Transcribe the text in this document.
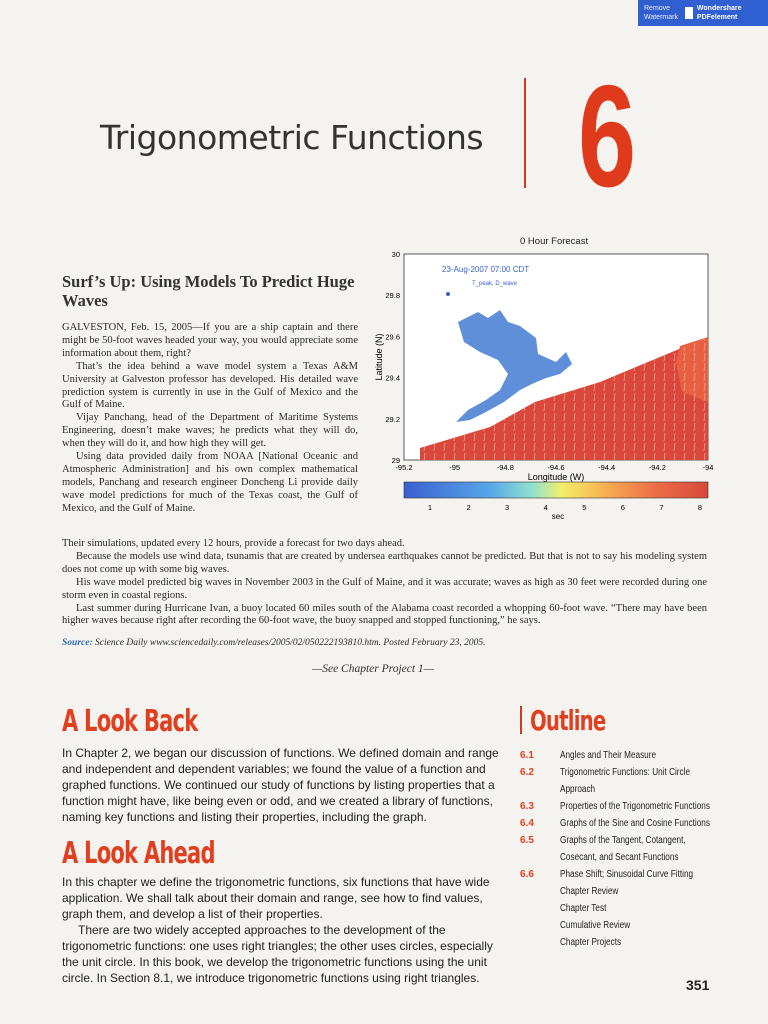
Remove Watermark
Wondershare PDFelement
Trigonometric Functions 6
Surf’s Up: Using Models To Predict Huge Waves

GALVESTON, Feb. 15, 2005—If you are a ship captain and there might be 50-foot waves headed your way, you would appreciate some information about them, right?

That’s the idea behind a wave model system a Texas A&M University at Galveston professor has developed. His detailed wave prediction system is currently in use in the Gulf of Mexico and the Gulf of Maine.

Vijay Panchang, head of the Department of Maritime Systems Engineering, doesn’t make waves; he predicts what they will do, when they will do it, and how high they will get.

Using data provided daily from NOAA [National Oceanic and Atmospheric Administration] and his own complex mathematical models, Panchang and research engineer Doncheng Li provide daily wave model predictions for much of the Texas coast, the Gulf of Mexico, and the Gulf of Maine.

Their simulations, updated every 12 hours, provide a forecast for two days ahead.

Because the models use wind data, tsunamis that are created by undersea earthquakes cannot be predicted. But that is not to say his modeling system does not come up with some big waves.

His wave model predicted big waves in November 2003 in the Gulf of Maine, and it was accurate; waves as high as 30 feet were recorded during one storm even in coastal regions.

Last summer during Hurricane Ivan, a buoy located 60 miles south of the Alabama coast recorded a whopping 60-foot wave. “There may have been higher waves because right after recording the 60-foot wave, the buoy snapped and stopped functioning,” he says.

Source: Science Daily www.sciencedaily.com/releases/2005/02/050222193810.htm. Posted February 23, 2005.
—See Chapter Project 1—
0 Hour Forecast
23-Aug-2007 07:00 CDT
T_peak, D_wave
Latitude (N)
Longitude (W)
-95.2	-95	-94.8	-94.6	-94.4	-94.2	-94
30
29.8
29.6
29.4
29.2
29
1	2	3	4	5	6	7	8
sec
A Look Back
In Chapter 2, we began our discussion of functions. We defined domain and range and independent and dependent variables; we found the value of a function and graphed functions. We continued our study of functions by listing properties that a function might have, like being even or odd, and we created a library of functions, naming key functions and listing their properties, including the graph.
A Look Ahead

In this chapter we define the trigonometric functions, six functions that have wide application. We shall talk about their domain and range, see how to find values, graph them, and develop a list of their properties.

There are two widely accepted approaches to the development of the trigonometric functions: one uses right triangles; the other uses circles, especially the unit circle. In this book, we develop the trigonometric functions using the unit circle. In Section 8.1, we introduce trigonometric functions using right triangles.

Outline
6.1	Angles and Their Measure
6.2	Trigonometric Functions: Unit Circle
Approach
6.3	Properties of the Trigonometric Functions
6.4	Graphs of the Sine and Cosine Functions
6.5	Graphs of the Tangent, Cotangent,
Cosecant, and Secant Functions
6.6	Phase Shift; Sinusoidal Curve Fitting
Chapter Review
Chapter Test
Cumulative Review
Chapter Projects
351
